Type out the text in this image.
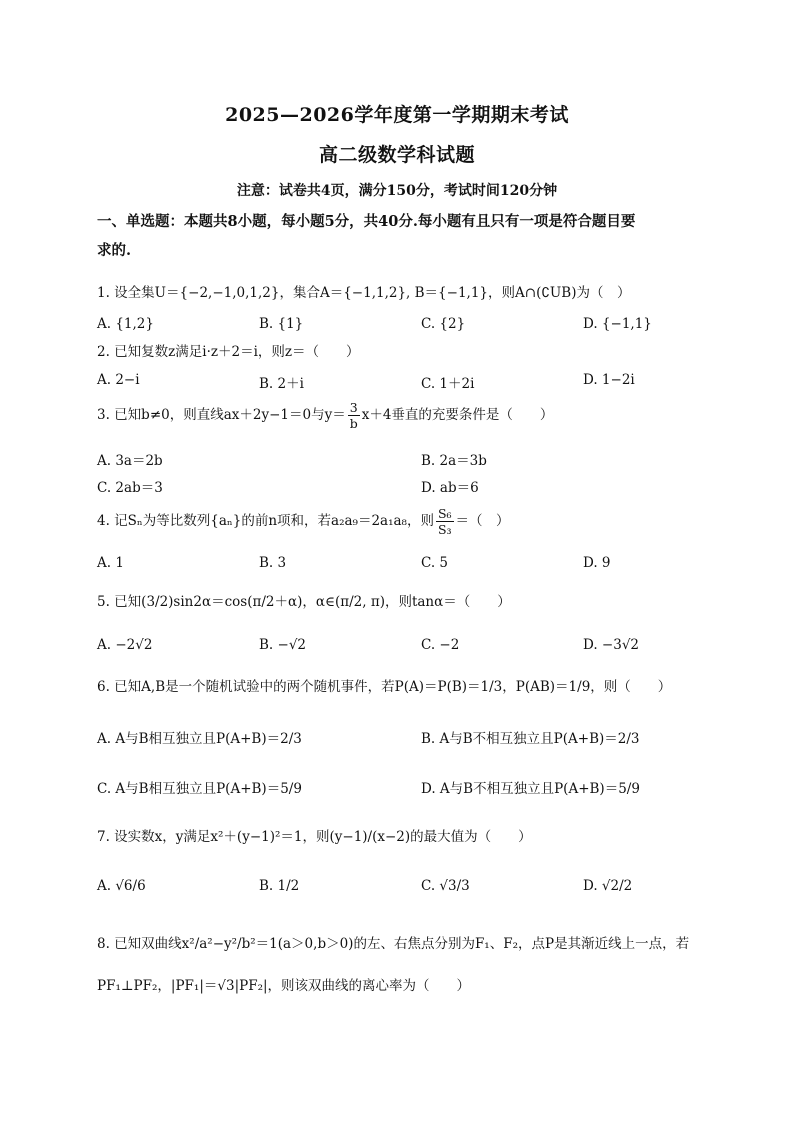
2025—2026学年度第一学期期末考试
高二级数学科试题
注意：试卷共4页，满分150分，考试时间120分钟
一、单选题：本题共8小题，每小题5分，共40分.每小题有且只有一项是符合题目要
求的.
1. 设全集U＝{−2,−1,0,1,2}，集合A＝{−1,1,2}, B＝{−1,1}，则A∩(∁UB)为（　）
A. {1,2}	B. {1}	C. {2}	D. {−1,1}
2. 已知复数z满足i·z＋2＝i，则z＝（　　）
A. 2−i	B. 2＋i	C. 1＋2i	D. 1−2i
3. 已知b≠0，则直线ax＋2y−1＝0与$y= \frac{3}{b} x+4$垂直的充要条件是（　　）
A. 3a＝2b	B. 2a＝3b
C. 2ab＝3	D. ab＝6
4. 记Sₙ为等比数列{aₙ}的前n项和，若a₂a₉＝2a₁a₈，则 $\frac{\text{S₆}}{\text{S₃}}$ ＝（　）
A. 1	B. 3	C. 5	D. 9
5. 已知(3/2)sin2α＝cos(π/2＋α)，α∈(π/2, π)，则tanα＝（　　）
A. −2√2	B. −√2	C. −2	D. −3√2
6. 已知A,B是一个随机试验中的两个随机事件，若P(A)＝P(B)＝1/3，P(AB)＝1/9，则（　　）
A. A与B相互独立且P(A+B)＝2/3	B. A与B不相互独立且P(A+B)＝2/3
C. A与B相互独立且P(A+B)＝5/9	D. A与B不相互独立且P(A+B)＝5/9
7. 设实数x，y满足x²＋(y−1)²＝1，则(y−1)/(x−2)的最大值为（　　）
A. √6/6	B. 1/2	C. √3/3	D. √2/2
8. 已知双曲线x²/a²−y²/b²＝1(a＞0,b＞0)的左、右焦点分别为F₁、F₂，点P是其渐近线上一点，若
PF₁⊥PF₂，|PF₁|＝√3|PF₂|，则该双曲线的离心率为（　　）
